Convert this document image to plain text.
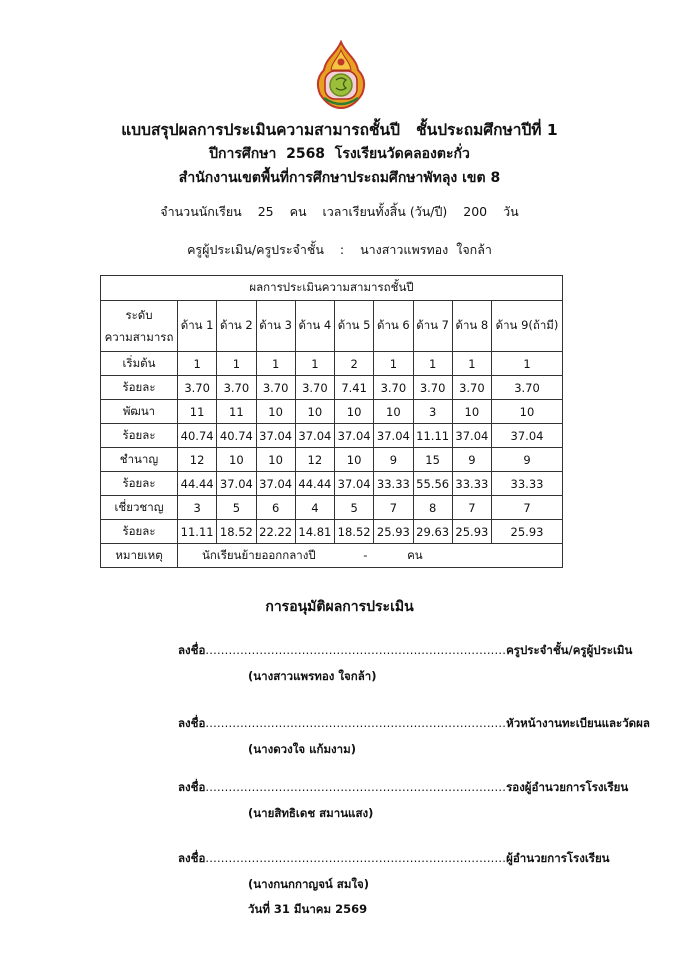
แบบสรุปผลการประเมินความสามารถชั้นปี   ชั้นประถมศึกษาปีที่ 1
ปีการศึกษา  2568  โรงเรียนวัดคลองตะกั่ว
สำนักงานเขตพื้นที่การศึกษาประถมศึกษาพัทลุง เขต 8
จำนวนนักเรียน 25 คน เวลาเรียนทั้งสิ้น (วัน/ปี) 200 วัน
ครูผู้ประเมิน/ครูประจำชั้น : นางสาวแพรทอง  ใจกล้า
ผลการประเมินความสามารถชั้นปี									

ระดับ
ความสามารถ	ด้าน 1	ด้าน 2	ด้าน 3	ด้าน 4	ด้าน 5	ด้าน 6	ด้าน 7	ด้าน 8	ด้าน 9(ถ้ามี)
เริ่มต้น	1	1	1	1	2	1	1	1	1
ร้อยละ	3.70	3.70	3.70	3.70	7.41	3.70	3.70	3.70	3.70
พัฒนา	11	11	10	10	10	10	3	10	10
ร้อยละ	40.74	40.74	37.04	37.04	37.04	37.04	11.11	37.04	37.04
ชำนาญ	12	10	10	12	10	9	15	9	9
ร้อยละ	44.44	37.04	37.04	44.44	37.04	33.33	55.56	33.33	33.33
เชี่ยวชาญ	3	5	6	4	5	7	8	7	7
ร้อยละ	11.11	18.52	22.22	14.81	18.52	25.93	29.63	25.93	25.93
หมายเหตุ	นักเรียนย้ายออกกลางปี - คน								
การอนุมัติผลการประเมิน
ลงชื่อ..............................................................................ครูประจำชั้น/ครูผู้ประเมิน
(นางสาวแพรทอง ใจกล้า)
ลงชื่อ..............................................................................หัวหน้างานทะเบียนและวัดผล
(นางดวงใจ แก้มงาม)
ลงชื่อ..............................................................................รองผู้อำนวยการโรงเรียน
(นายสิทธิเดช สมานแสง)
ลงชื่อ..............................................................................ผู้อำนวยการโรงเรียน
(นางกนกกาญจน์ สมใจ)
วันที่ 31 มีนาคม 2569
